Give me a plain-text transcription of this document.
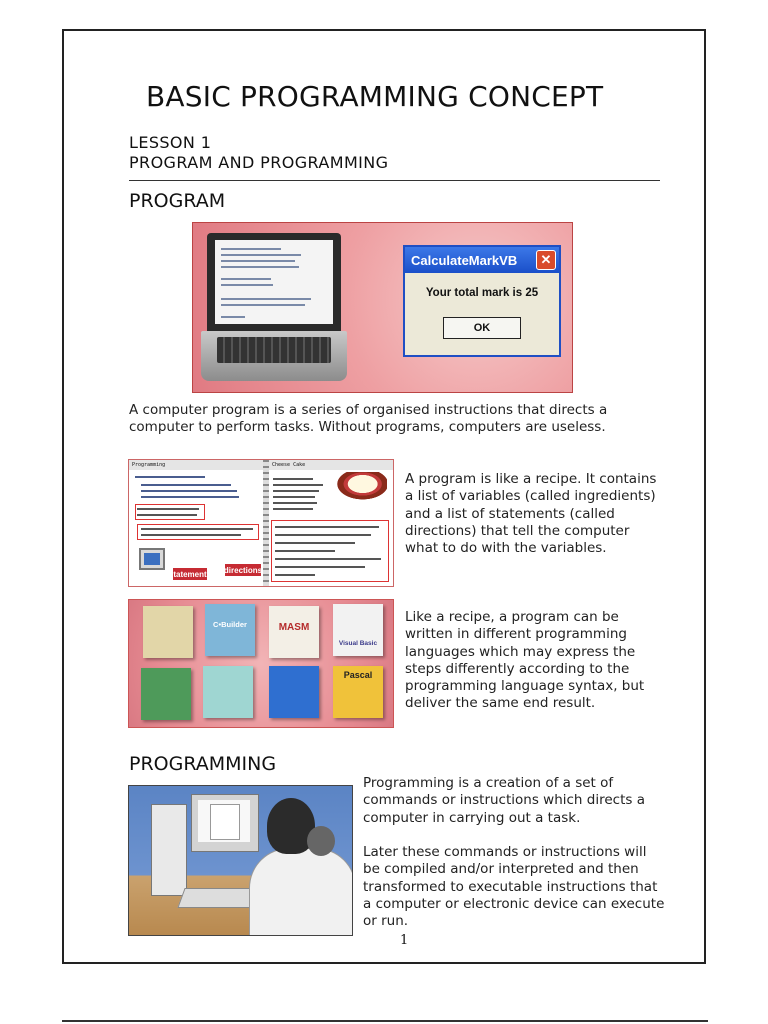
BASIC PROGRAMMING CONCEPT
LESSON 1
PROGRAM AND PROGRAMMING
PROGRAM
CalculateMarkVB	✕
Your total mark is 25
OK
A computer program is a series of organised instructions that directs a
computer to perform tasks. Without programs, computers are useless.
Programming
statements directions
Cheese Cake
A program is like a recipe. It contains
a list of variables (called ingredients)
and a list of statements (called
directions) that tell the computer
what to do with the variables.
C•Builder	MASM
Visual Basic
Pascal
Like a recipe, a program can be
written in different programming
languages which may express the
steps differently according to the
programming language syntax, but
deliver the same end result.
PROGRAMMING
Programming is a creation of a set of
commands or instructions which directs a
computer in carrying out a task.
Later these commands or instructions will
be compiled and/or interpreted and then
transformed to executable instructions that
a computer or electronic device can execute
or run.
1
